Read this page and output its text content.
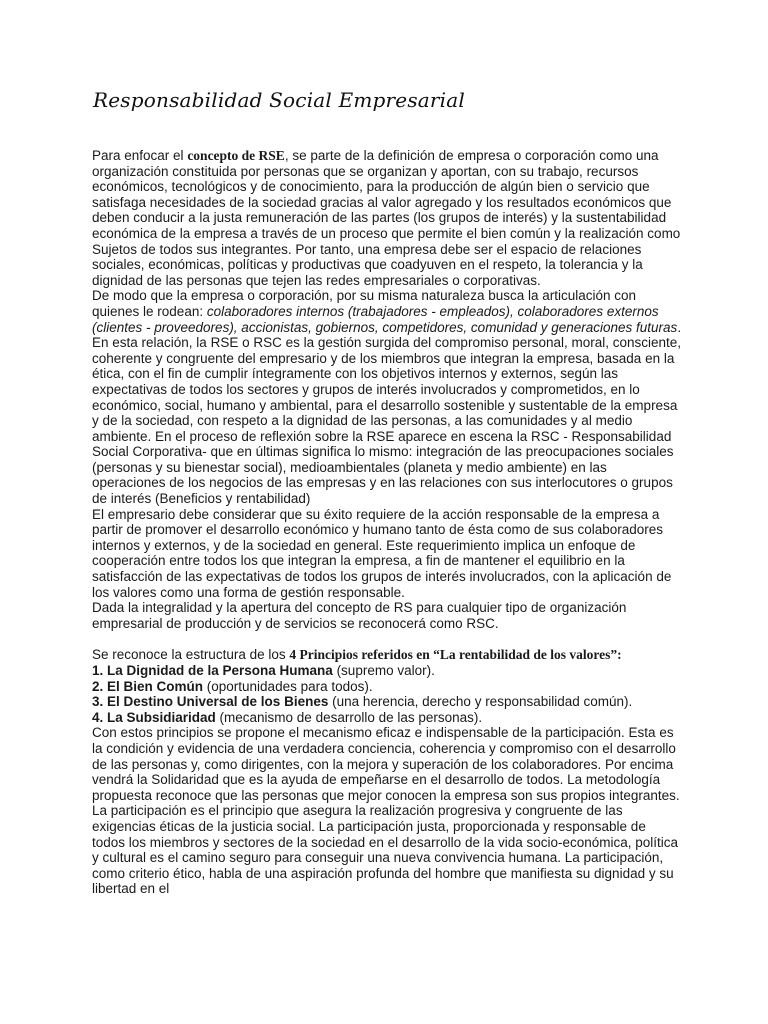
Responsabilidad Social Empresarial

Para enfocar el concepto de RSE, se parte de la definición de empresa o corporación como una organización constituida por personas que se organizan y aportan, con su trabajo, recursos económicos, tecnológicos y de conocimiento, para la producción de algún bien o servicio que satisfaga necesidades de la sociedad gracias al valor agregado y los resultados económicos que deben conducir a la justa remuneración de las partes (los grupos de interés) y la sustentabilidad económica de la empresa a través de un proceso que permite el bien común y la realización como Sujetos de todos sus integrantes. Por tanto, una empresa debe ser el espacio de relaciones sociales, económicas, políticas y productivas que coadyuven en el respeto, la tolerancia y la dignidad de las personas que tejen las redes empresariales o corporativas.

De modo que la empresa o corporación, por su misma naturaleza busca la articulación con quienes le rodean: colaboradores internos (trabajadores - empleados), colaboradores externos (clientes - proveedores), accionistas, gobiernos, competidores, comunidad y generaciones futuras. En esta relación, la RSE o RSC es la gestión surgida del compromiso personal, moral, consciente, coherente y congruente del empresario y de los miembros que integran la empresa, basada en la ética, con el fin de cumplir íntegramente con los objetivos internos y externos, según las expectativas de todos los sectores y grupos de interés involucrados y comprometidos, en lo económico, social, humano y ambiental, para el desarrollo sostenible y sustentable de la empresa y de la sociedad, con respeto a la dignidad de las personas, a las comunidades y al medio ambiente. En el proceso de reflexión sobre la RSE aparece en escena la RSC - Responsabilidad Social Corporativa- que en últimas significa lo mismo: integración de las preocupaciones sociales (personas y su bienestar social), medioambientales (planeta y medio ambiente) en las operaciones de los negocios de las empresas y en las relaciones con sus interlocutores o grupos de interés (Beneficios y rentabilidad)

El empresario debe considerar que su éxito requiere de la acción responsable de la empresa a partir de promover el desarrollo económico y humano tanto de ésta como de sus colaboradores internos y externos, y de la sociedad en general. Este requerimiento implica un enfoque de cooperación entre todos los que integran la empresa, a fin de mantener el equilibrio en la satisfacción de las expectativas de todos los grupos de interés involucrados, con la aplicación de los valores como una forma de gestión responsable.

Dada la integralidad y la apertura del concepto de RS para cualquier tipo de organización empresarial de producción y de servicios se reconocerá como RSC.

Se reconoce la estructura de los 4 Principios referidos en “La rentabilidad de los valores”:

1. La Dignidad de la Persona Humana (supremo valor).

2. El Bien Común (oportunidades para todos).

3. El Destino Universal de los Bienes (una herencia, derecho y responsabilidad común).

4. La Subsidiaridad (mecanismo de desarrollo de las personas).

Con estos principios se propone el mecanismo eficaz e indispensable de la participación. Esta es la condición y evidencia de una verdadera conciencia, coherencia y compromiso con el desarrollo de las personas y, como dirigentes, con la mejora y superación de los colaboradores. Por encima vendrá la Solidaridad que es la ayuda de empeñarse en el desarrollo de todos. La metodología propuesta reconoce que las personas que mejor conocen la empresa son sus propios integrantes. La participación es el principio que asegura la realización progresiva y congruente de las exigencias éticas de la justicia social. La participación justa, proporcionada y responsable de todos los miembros y sectores de la sociedad en el desarrollo de la vida socio-económica, política y cultural es el camino seguro para conseguir una nueva convivencia humana. La participación, como criterio ético, habla de una aspiración profunda del hombre que manifiesta su dignidad y su libertad en el
